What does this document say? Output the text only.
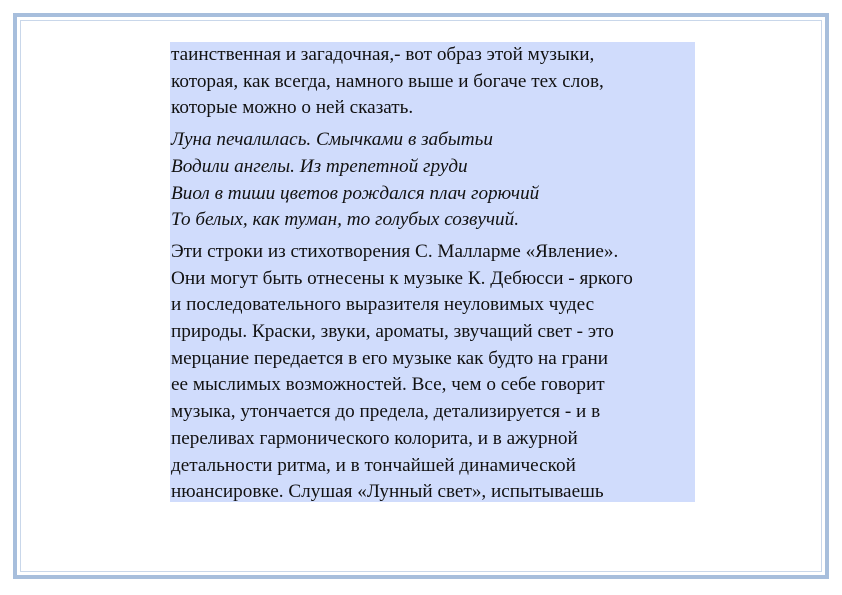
таинственная и загадочная,- вот образ этой музыки,
которая, как всегда, намного выше и богаче тех слов,
которые можно о ней сказать.

Луна печалилась. Смычками в забытьи
Водили ангелы. Из трепетной груди
Виол в тиши цветов рождался плач горючий
То белых, как туман, то голубых созвучий.

Эти строки из стихотворения С. Малларме «Явление».
Они могут быть отнесены к музыке К. Дебюсси - яркого
и последовательного выразителя неуловимых чудес
природы. Краски, звуки, ароматы, звучащий свет - это
мерцание передается в его музыке как будто на грани
ее мыслимых возможностей. Все, чем о себе говорит
музыка, утончается до предела, детализируется - и в
переливах гармонического колорита, и в ажурной
детальности ритма, и в тончайшей динамической
нюансировке. Слушая «Лунный свет», испытываешь
